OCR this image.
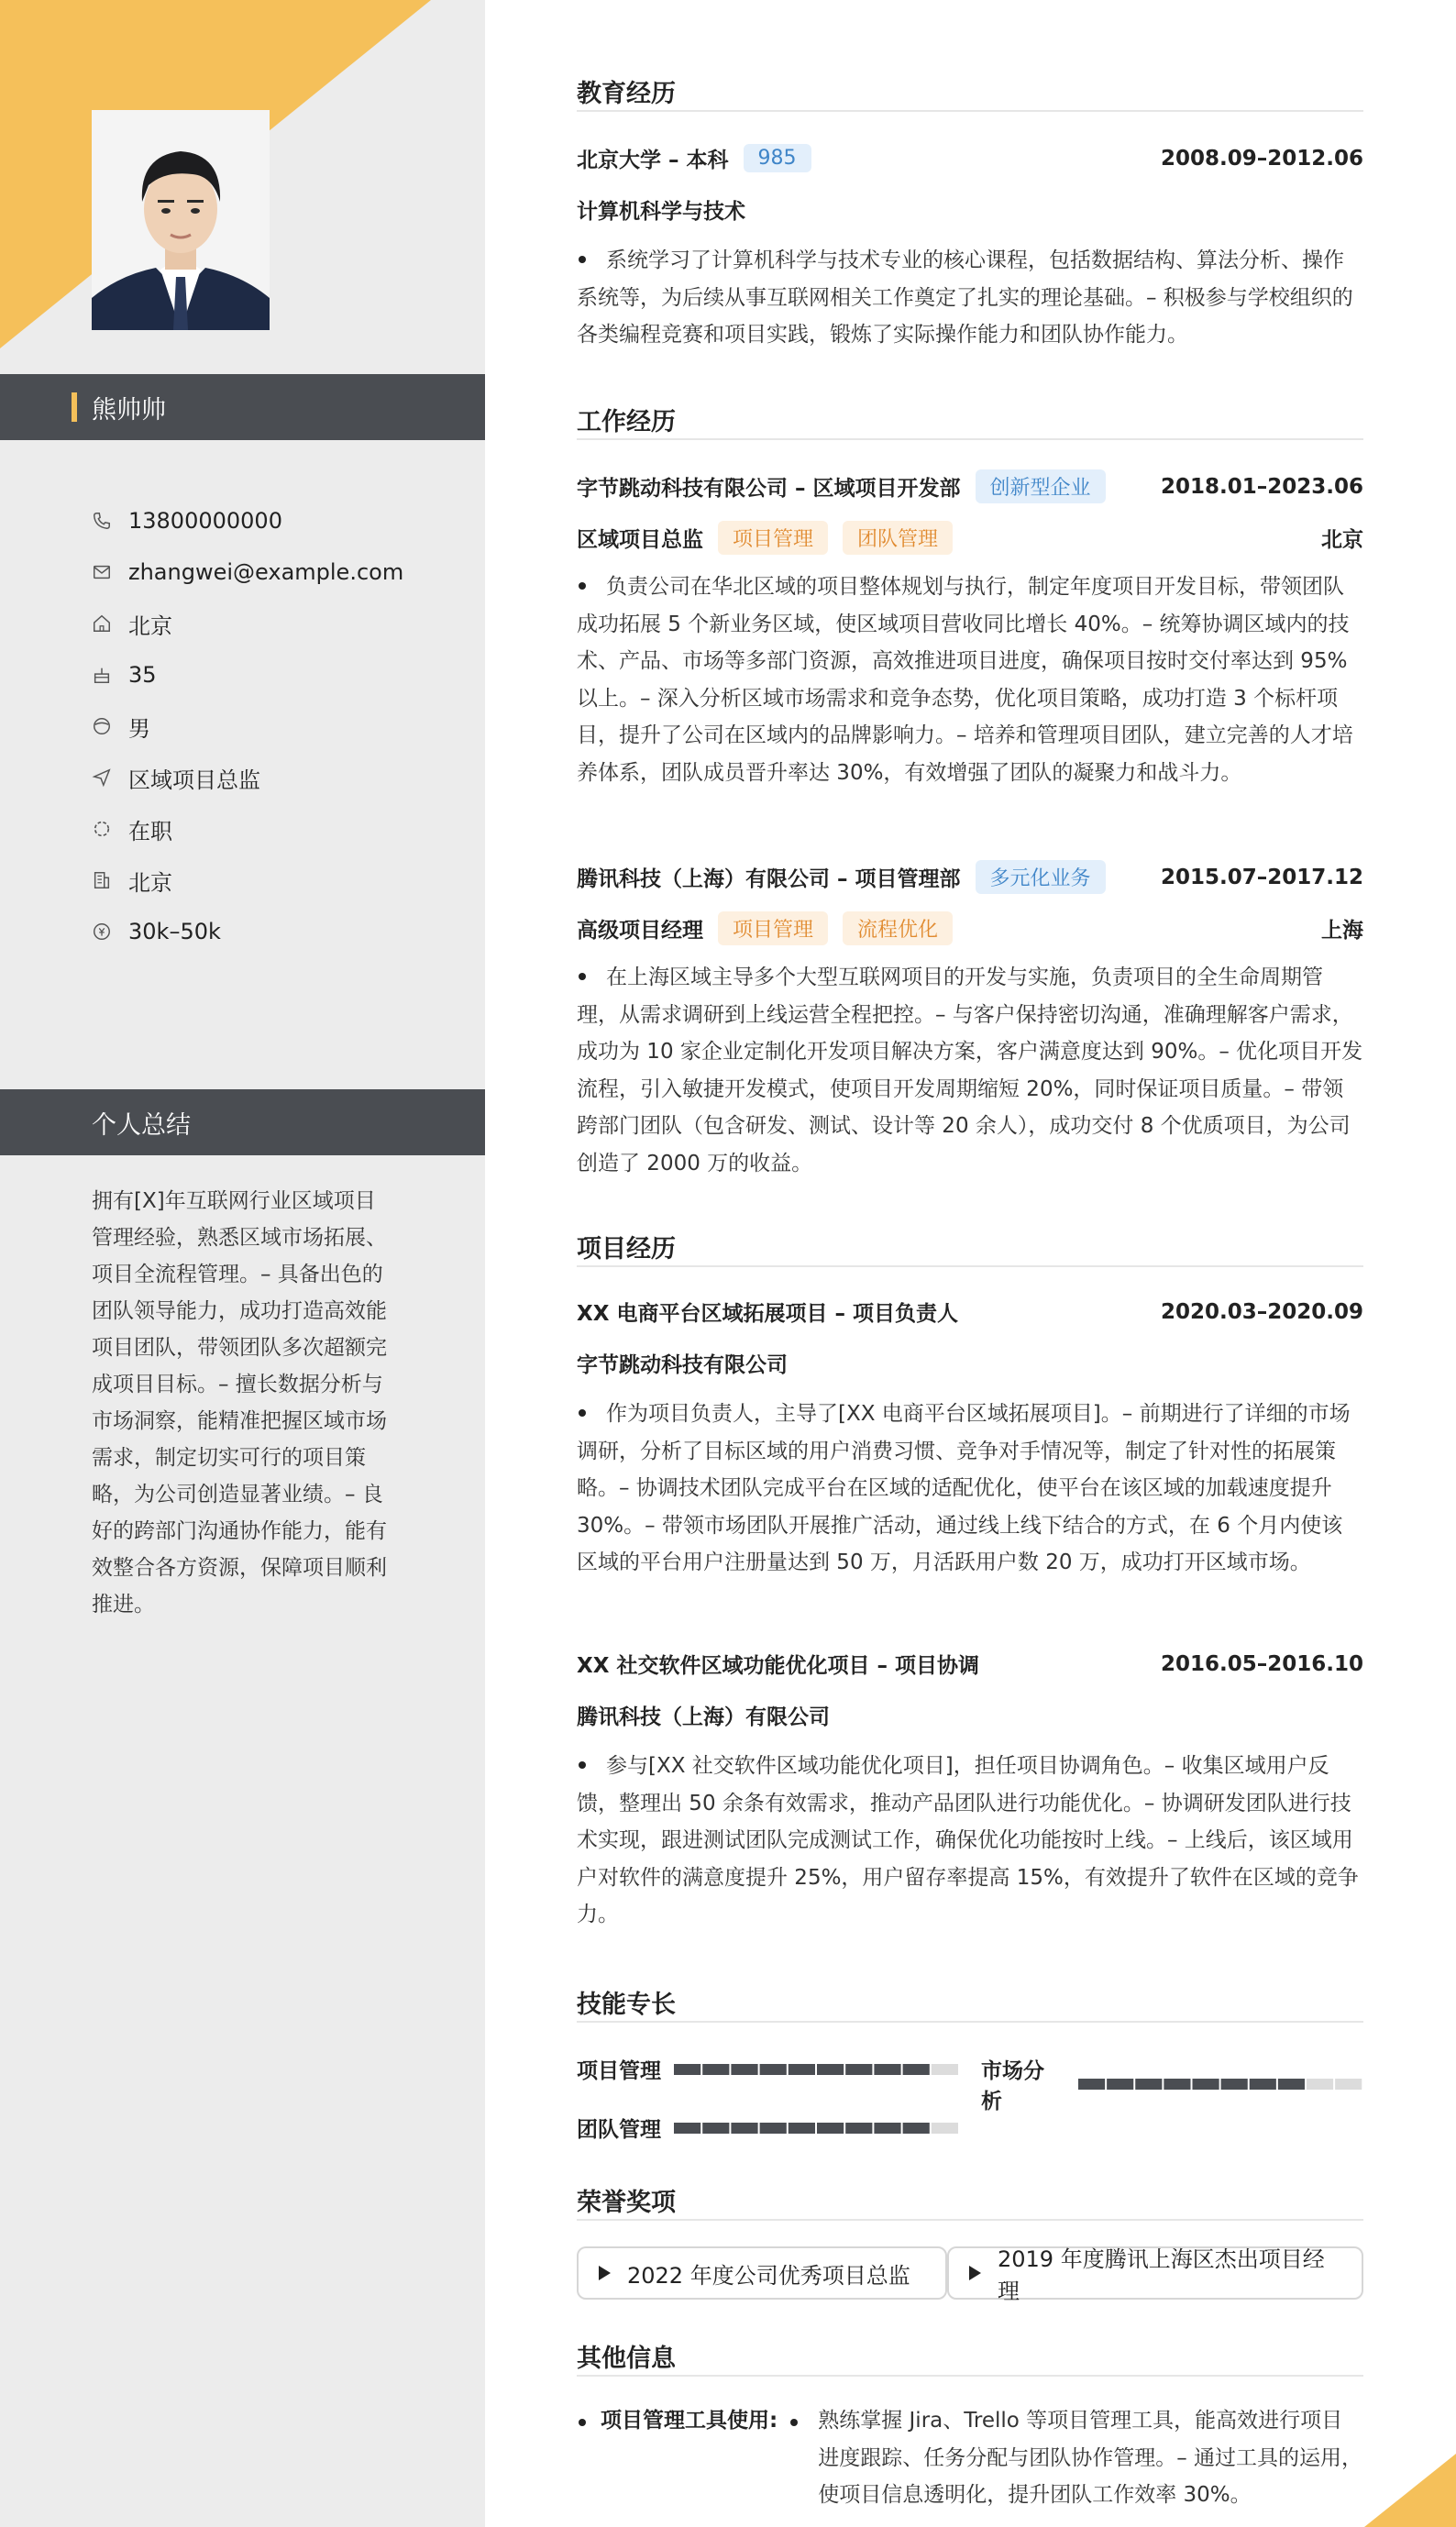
熊帅帅
13800000000
zhangwei@example.com
北京
35
男
区域项目总监
在职
北京
30k–50k
个人总结
拥有[X]年互联网行业区域项目管理经验，熟悉区域市场拓展、项目全流程管理。– 具备出色的团队领导能力，成功打造高效能项目团队，带领团队多次超额完成项目目标。– 擅长数据分析与市场洞察，能精准把握区域市场需求，制定切实可行的项目策略，为公司创造显著业绩。– 良好的跨部门沟通协作能力，能有效整合各方资源，保障项目顺利推进。
教育经历
北京大学 – 本科	985	2008.09–2012.06
计算机科学与技术
系统学习了计算机科学与技术专业的核心课程，包括数据结构、算法分析、操作系统等，为后续从事互联网相关工作奠定了扎实的理论基础。– 积极参与学校组织的各类编程竞赛和项目实践，锻炼了实际操作能力和团队协作能力。
工作经历
字节跳动科技有限公司 – 区域项目开发部	创新型企业	2018.01–2023.06
区域项目总监	项目管理	团队管理	北京
负责公司在华北区域的项目整体规划与执行，制定年度项目开发目标，带领团队成功拓展 5 个新业务区域，使区域项目营收同比增长 40%。– 统筹协调区域内的技术、产品、市场等多部门资源，高效推进项目进度，确保项目按时交付率达到 95%以上。– 深入分析区域市场需求和竞争态势，优化项目策略，成功打造 3 个标杆项目，提升了公司在区域内的品牌影响力。– 培养和管理项目团队，建立完善的人才培养体系，团队成员晋升率达 30%，有效增强了团队的凝聚力和战斗力。
腾讯科技（上海）有限公司 – 项目管理部	多元化业务	2015.07–2017.12
高级项目经理	项目管理	流程优化	上海
在上海区域主导多个大型互联网项目的开发与实施，负责项目的全生命周期管理，从需求调研到上线运营全程把控。– 与客户保持密切沟通，准确理解客户需求，成功为 10 家企业定制化开发项目解决方案，客户满意度达到 90%。– 优化项目开发流程，引入敏捷开发模式，使项目开发周期缩短 20%，同时保证项目质量。– 带领跨部门团队（包含研发、测试、设计等 20 余人），成功交付 8 个优质项目，为公司创造了 2000 万的收益。
项目经历
XX 电商平台区域拓展项目 – 项目负责人	2020.03–2020.09
字节跳动科技有限公司
作为项目负责人，主导了[XX 电商平台区域拓展项目]。– 前期进行了详细的市场调研，分析了目标区域的用户消费习惯、竞争对手情况等，制定了针对性的拓展策略。– 协调技术团队完成平台在区域的适配优化，使平台在该区域的加载速度提升 30%。– 带领市场团队开展推广活动，通过线上线下结合的方式，在 6 个月内使该区域的平台用户注册量达到 50 万，月活跃用户数 20 万，成功打开区域市场。
XX 社交软件区域功能优化项目 – 项目协调	2016.05–2016.10
腾讯科技（上海）有限公司
参与[XX 社交软件区域功能优化项目]，担任项目协调角色。– 收集区域用户反馈，整理出 50 余条有效需求，推动产品团队进行功能优化。– 协调研发团队进行技术实现，跟进测试团队完成测试工作，确保优化功能按时上线。– 上线后，该区域用户对软件的满意度提升 25%，用户留存率提高 15%，有效提升了软件在区域的竞争力。
技能专长
项目管理	市场分析
团队管理
荣誉奖项
2022 年度公司优秀项目总监
2019 年度腾讯上海区杰出项目经理
其他信息
项目管理工具使用: 熟练掌握 Jira、Trello 等项目管理工具，能高效进行项目进度跟踪、任务分配与团队协作管理。– 通过工具的运用，使项目信息透明化，提升团队工作效率 30%。
